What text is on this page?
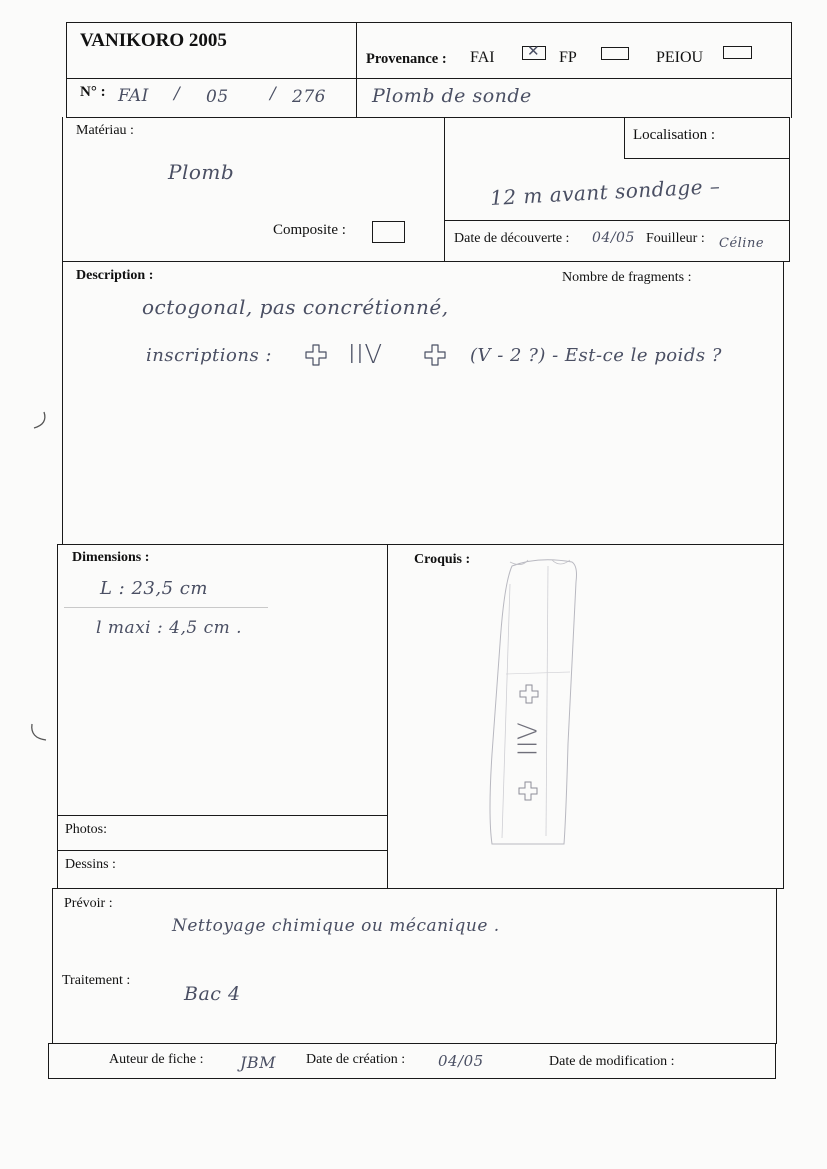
VANIKORO 2005
Provenance : FAI ✕ FP	PEIOU
N° : FAI / 05 / 276 Plomb de sonde
Matériau :
Plomb
Composite :
Localisation :
12 m avant sondage –
Date de découverte : 04/05 Fouilleur : Céline
Description :	Nombre de fragments :
octogonal, pas concrétionné,
inscriptions :	IIV	(V - 2 ?) - Est-ce le poids ?
Dimensions :
L : 23,5 cm
l maxi : 4,5 cm .
Photos:
Dessins :
Croquis :
IIV
Prévoir :
Nettoyage chimique ou mécanique .
Traitement :
Bac 4
Auteur de fiche : JBM Date de création : 04/05	Date de modification :
